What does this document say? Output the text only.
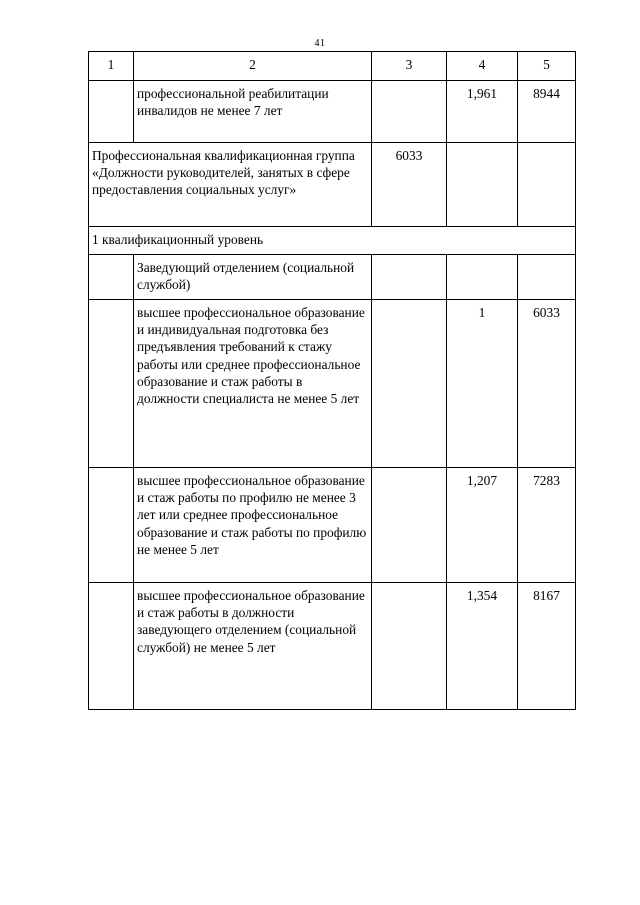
41
1	2	3	4	5
	профессиональной реабилитации инвалидов не менее 7 лет		1,961	8944
Профессиональная квалификационная группа «Должности руководителей, занятых в сфере предоставления социальных услуг»		6033		
1 квалификационный уровень				
	Заведующий отделением (социальной службой)			
	высшее профессиональное образование и индивидуальная подготовка без предъявления требований к стажу работы или среднее профессиональное образование и стаж работы в должности специалиста не менее 5 лет		1	6033
	высшее профессиональное образование и стаж работы по профилю не менее 3 лет или среднее профессиональное образование и стаж работы по профилю не менее 5 лет		1,207	7283
	высшее профессиональное образование и стаж работы в должности заведующего отделением (социальной службой) не менее 5 лет		1,354	8167
